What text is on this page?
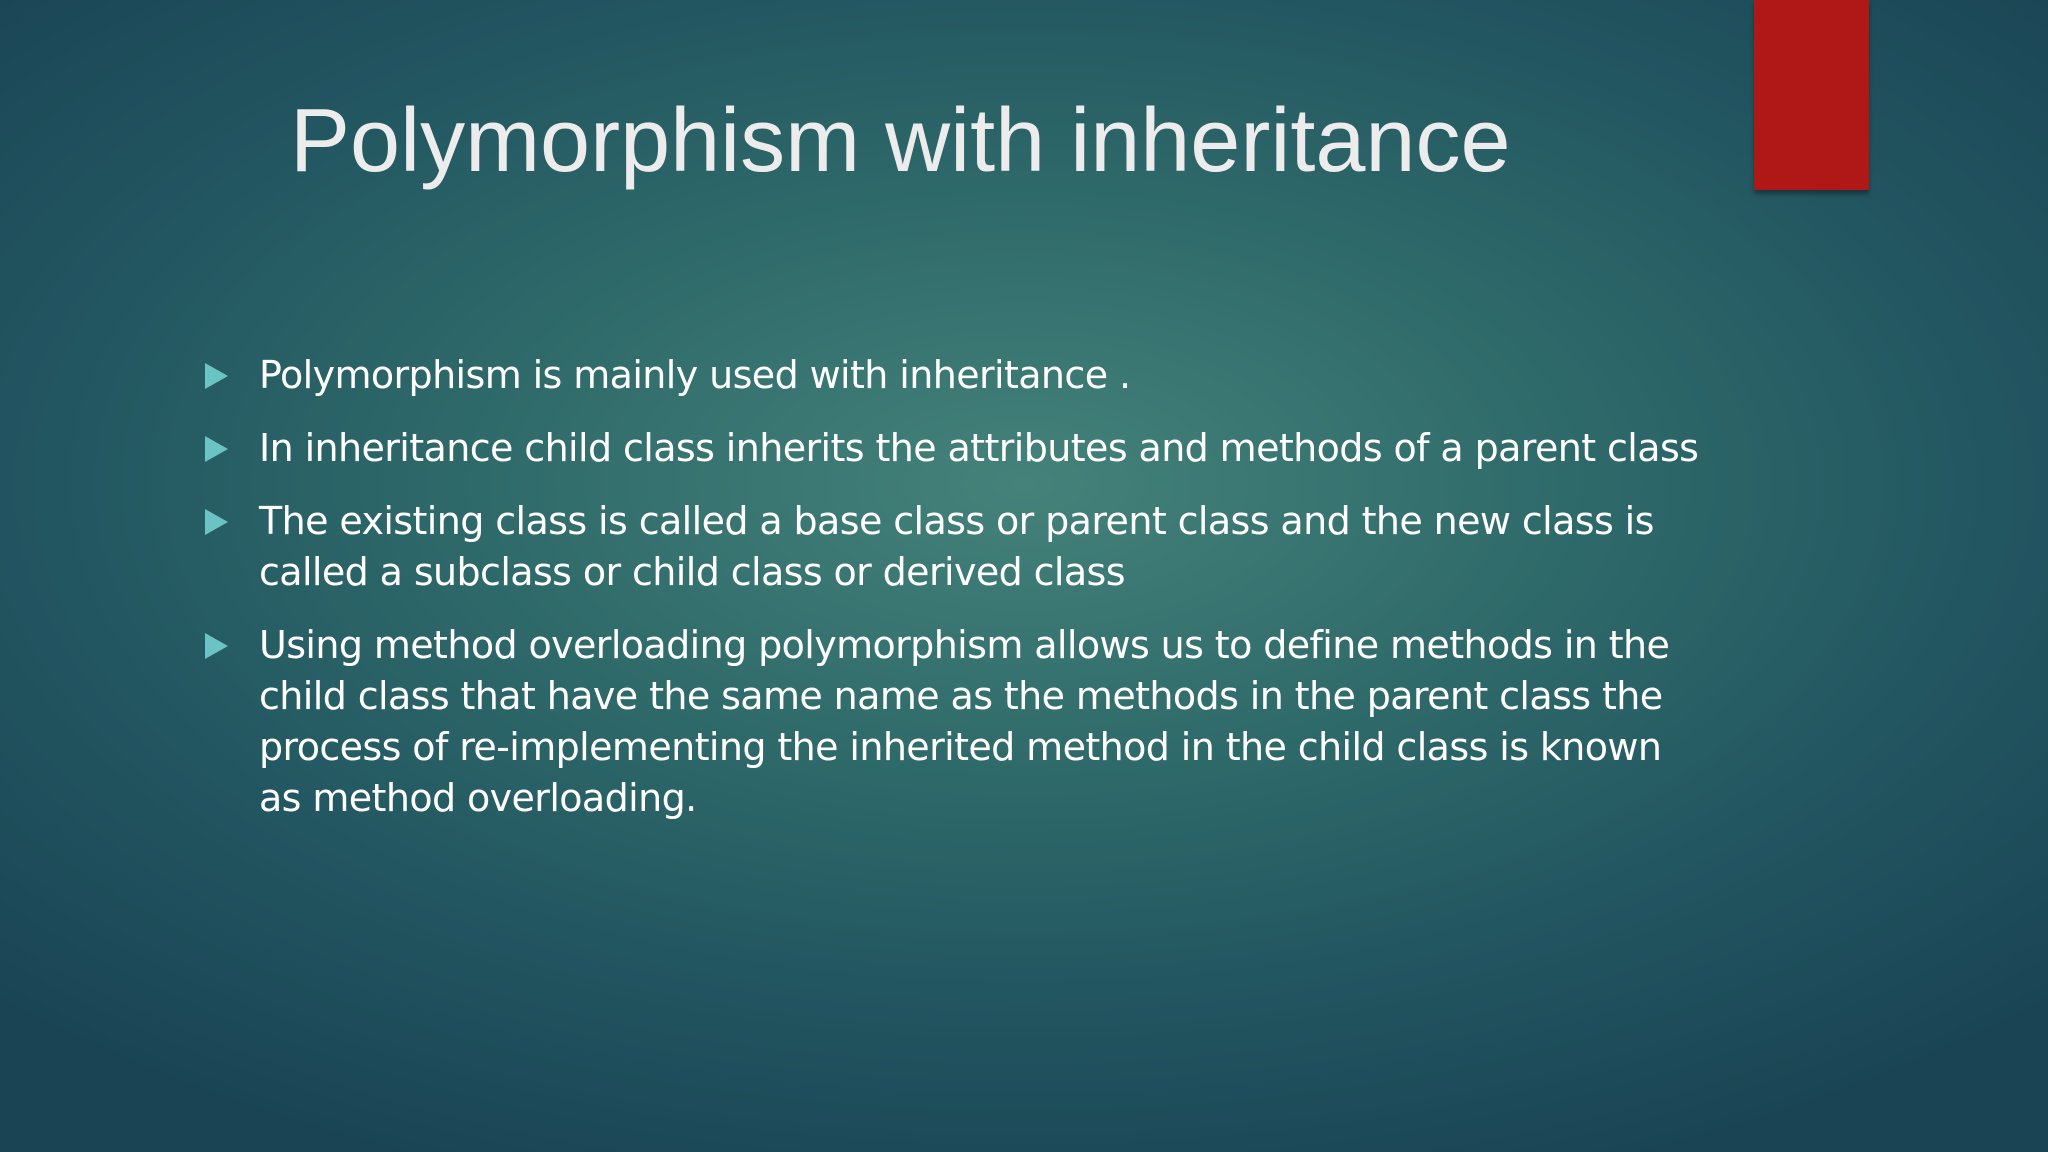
Polymorphism with inheritance
Polymorphism is mainly used with inheritance .
In inheritance child class inherits the attributes and methods of a parent class
The existing class is called a base class or parent class and the new class is called a subclass or child class or derived class
Using method overloading polymorphism allows us to define methods in the child class that have the same name as the methods in the parent class the process of re-implementing the inherited method in the child class is known as method overloading.
